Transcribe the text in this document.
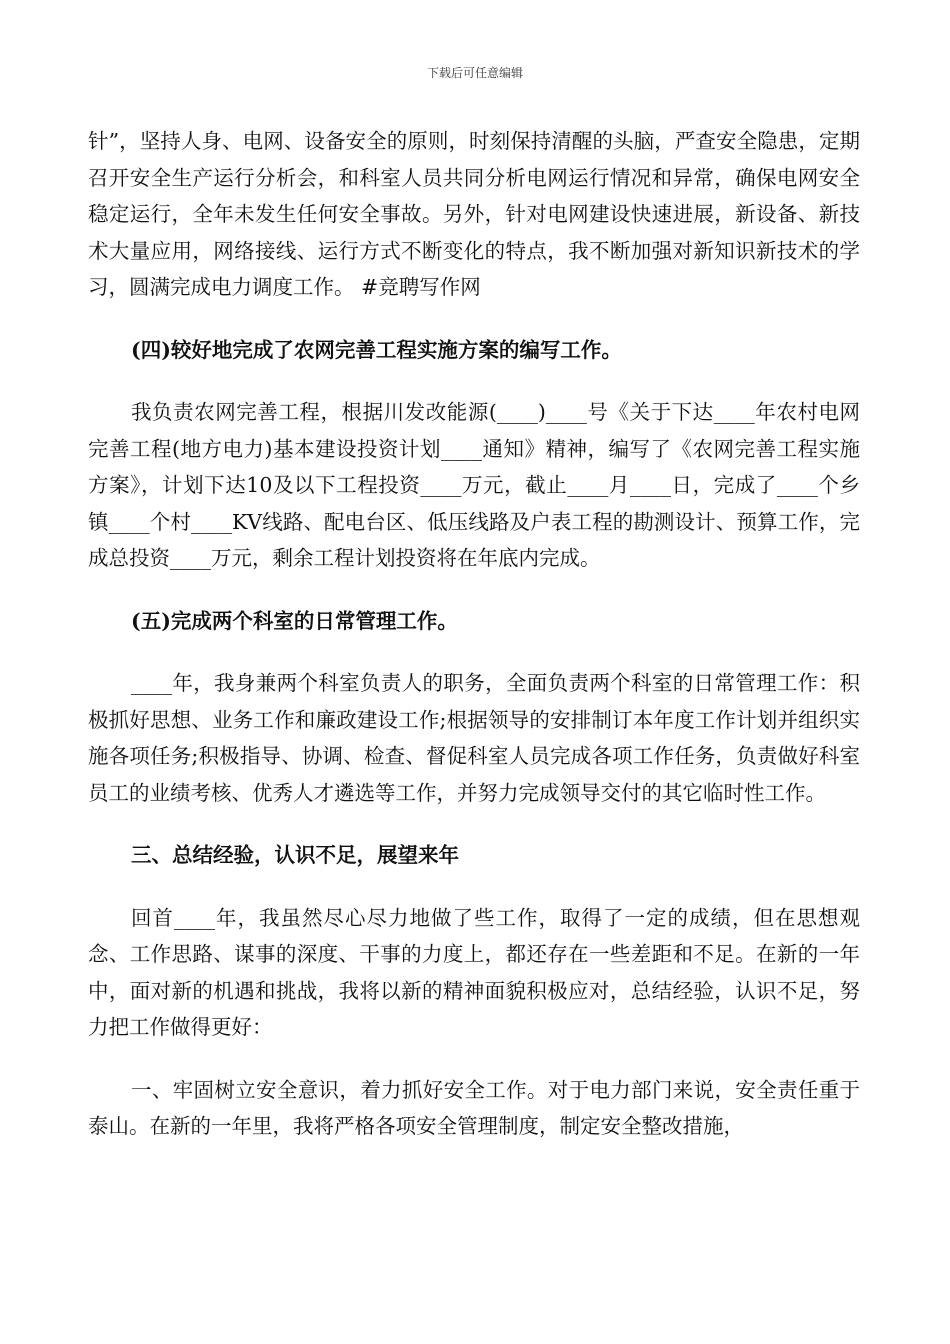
下载后可任意编辑

针”，坚持人身、电网、设备安全的原则，时刻保持清醒的头脑，严查安全隐患，定期召开安全生产运行分析会，和科室人员共同分析电网运行情况和异常，确保电网安全稳定运行，全年未发生任何安全事故。另外，针对电网建设快速进展，新设备、新技术大量应用，网络接线、运行方式不断变化的特点，我不断加强对新知识新技术的学习，圆满完成电力调度工作。 #竞聘写作网

(四)较好地完成了农网完善工程实施方案的编写工作。

我负责农网完善工程，根据川发改能源(____)____号《关于下达____年农村电网完善工程(地方电力)基本建设投资计划____通知》精神，编写了《农网完善工程实施方案》，计划下达10及以下工程投资____万元，截止____月____日，完成了____个乡镇____个村____KV线路、配电台区、低压线路及户表工程的勘测设计、预算工作，完成总投资____万元，剩余工程计划投资将在年底内完成。

(五)完成两个科室的日常管理工作。

____年，我身兼两个科室负责人的职务，全面负责两个科室的日常管理工作：积极抓好思想、业务工作和廉政建设工作;根据领导的安排制订本年度工作计划并组织实施各项任务;积极指导、协调、检查、督促科室人员完成各项工作任务，负责做好科室员工的业绩考核、优秀人才遴选等工作，并努力完成领导交付的其它临时性工作。

三、总结经验，认识不足，展望来年

回首____年，我虽然尽心尽力地做了些工作，取得了一定的成绩，但在思想观念、工作思路、谋事的深度、干事的力度上，都还存在一些差距和不足。在新的一年中，面对新的机遇和挑战，我将以新的精神面貌积极应对，总结经验，认识不足，努力把工作做得更好：

一、牢固树立安全意识，着力抓好安全工作。对于电力部门来说，安全责任重于泰山。在新的一年里，我将严格各项安全管理制度，制定安全整改措施，
